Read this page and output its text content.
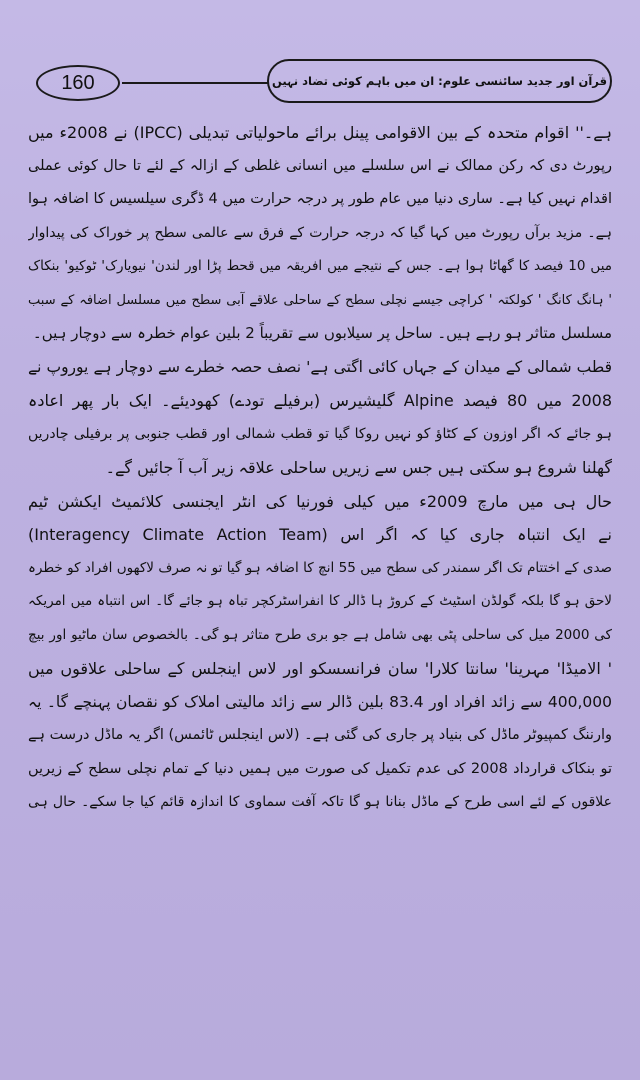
160	قرآن اور جدید سائنسی علوم: ان میں باہم کوئی تضاد نہیں
ہے۔'' اقوام متحدہ کے بین الاقوامی پینل برائے ماحولیاتی تبدیلی (IPCC) نے 2008ء میں
رپورٹ دی کہ رکن ممالک نے اس سلسلے میں انسانی غلطی کے ازالہ کے لئے تا حال کوئی عملی
اقدام نہیں کیا ہے۔ ساری دنیا میں عام طور پر درجہ حرارت میں 4 ڈگری سیلسیس کا اضافہ ہوا
ہے۔ مزید برآں رپورٹ میں کہا گیا کہ درجہ حرارت کے فرق سے عالمی سطح پر خوراک کی پیداوار
میں 10 فیصد کا گھاٹا ہوا ہے۔ جس کے نتیجے میں افریقہ میں قحط پڑا اور لندن' نیویارک' ٹوکیو' بنکاک
' ہانگ کانگ ' کولکتہ ' کراچی جیسے نچلی سطح کے ساحلی علاقے آبی سطح میں مسلسل اضافہ کے سبب
مسلسل متاثر ہو رہے ہیں۔ ساحل پر سیلابوں سے تقریباً 2 بلین عوام خطرہ سے دوچار ہیں۔
قطب شمالی کے میدان کے جہاں کائی اگتی ہے' نصف حصہ خطرے سے دوچار ہے یوروپ نے
2008 میں 80 فیصد Alpine گلیشیرس (برفیلے تودے) کھودیئے۔ ایک بار پھر اعادہ
ہو جائے کہ اگر اوزون کے کٹاؤ کو نہیں روکا گیا تو قطب شمالی اور قطب جنوبی پر برفیلی چادریں
گھلنا شروع ہو سکتی ہیں جس سے زیریں ساحلی علاقہ زیر آب آ جائیں گے۔
حال ہی میں مارچ 2009ء میں کیلی فورنیا کی انٹر ایجنسی کلائمیٹ ایکشن ٹیم
(Interagency Climate Action Team) نے ایک انتباہ جاری کیا کہ اگر اس
صدی کے اختتام تک اگر سمندر کی سطح میں 55 انچ کا اضافہ ہو گیا تو نہ صرف لاکھوں افراد کو خطرہ
لاحق ہو گا بلکہ گولڈن اسٹیٹ کے کروڑ ہا ڈالر کا انفراسٹرکچر تباہ ہو جائے گا۔ اس انتباہ میں امریکہ
کی 2000 میل کی ساحلی پٹی بھی شامل ہے جو بری طرح متاثر ہو گی۔ بالخصوص سان ماٹیو اور بیچ
' الامیڈا' مہرینا' سانتا کلارا' سان فرانسسکو اور لاس اینجلس کے ساحلی علاقوں میں
400,000 سے زائد افراد اور 83.4 بلین ڈالر سے زائد مالیتی املاک کو نقصان پہنچے گا۔ یہ
وارننگ کمپیوٹر ماڈل کی بنیاد پر جاری کی گئی ہے۔ (لاس اینجلس ٹائمس) اگر یہ ماڈل درست ہے
تو بنکاک قرارداد 2008 کی عدم تکمیل کی صورت میں ہمیں دنیا کے تمام نچلی سطح کے زیریں
علاقوں کے لئے اسی طرح کے ماڈل بنانا ہو گا تاکہ آفت سماوی کا اندازہ قائم کیا جا سکے۔ حال ہی
